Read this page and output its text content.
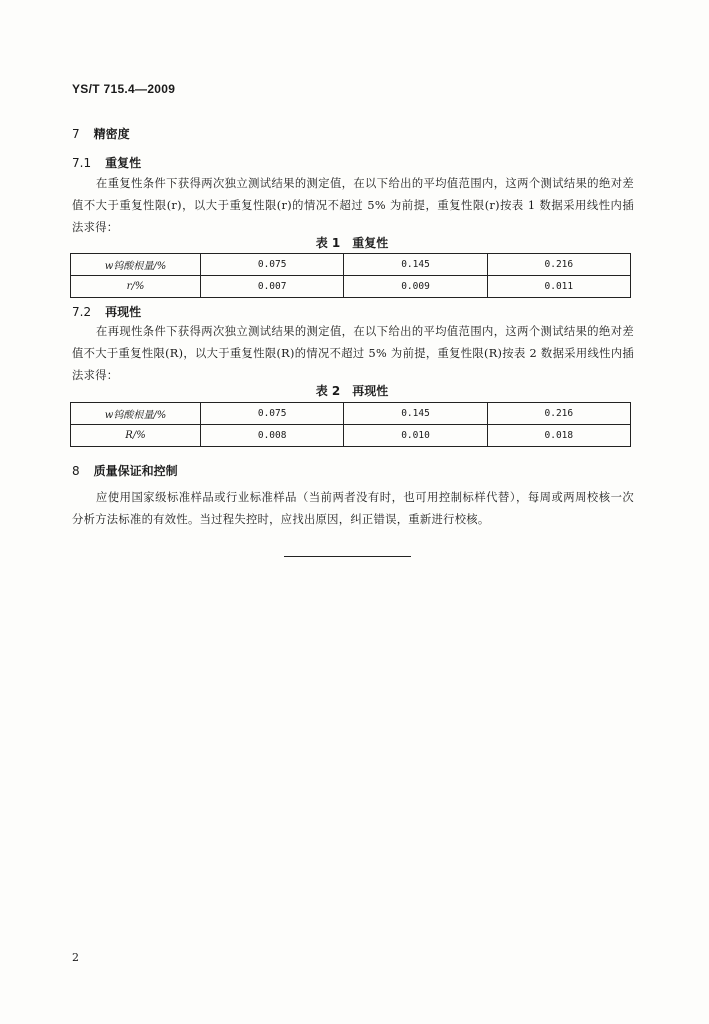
YS/T 715.4—2009
7 精密度
7.1 重复性
在重复性条件下获得两次独立测试结果的测定值，在以下给出的平均值范围内，这两个测试结果的绝对差值不大于重复性限(r)，以大于重复性限(r)的情况不超过 5% 为前提，重复性限(r)按表 1 数据采用线性内插法求得：
表 1 重复性
w钨酸根量/%	0.075	0.145	0.216
r/%	0.007	0.009	0.011
7.2 再现性
在再现性条件下获得两次独立测试结果的测定值，在以下给出的平均值范围内，这两个测试结果的绝对差值不大于重复性限(R)，以大于重复性限(R)的情况不超过 5% 为前提，重复性限(R)按表 2 数据采用线性内插法求得：
表 2 再现性
w钨酸根量/%	0.075	0.145	0.216
R/%	0.008	0.010	0.018
8 质量保证和控制
应使用国家级标准样品或行业标准样品（当前两者没有时，也可用控制标样代替），每周或两周校核一次分析方法标准的有效性。当过程失控时，应找出原因，纠正错误，重新进行校核。
2
